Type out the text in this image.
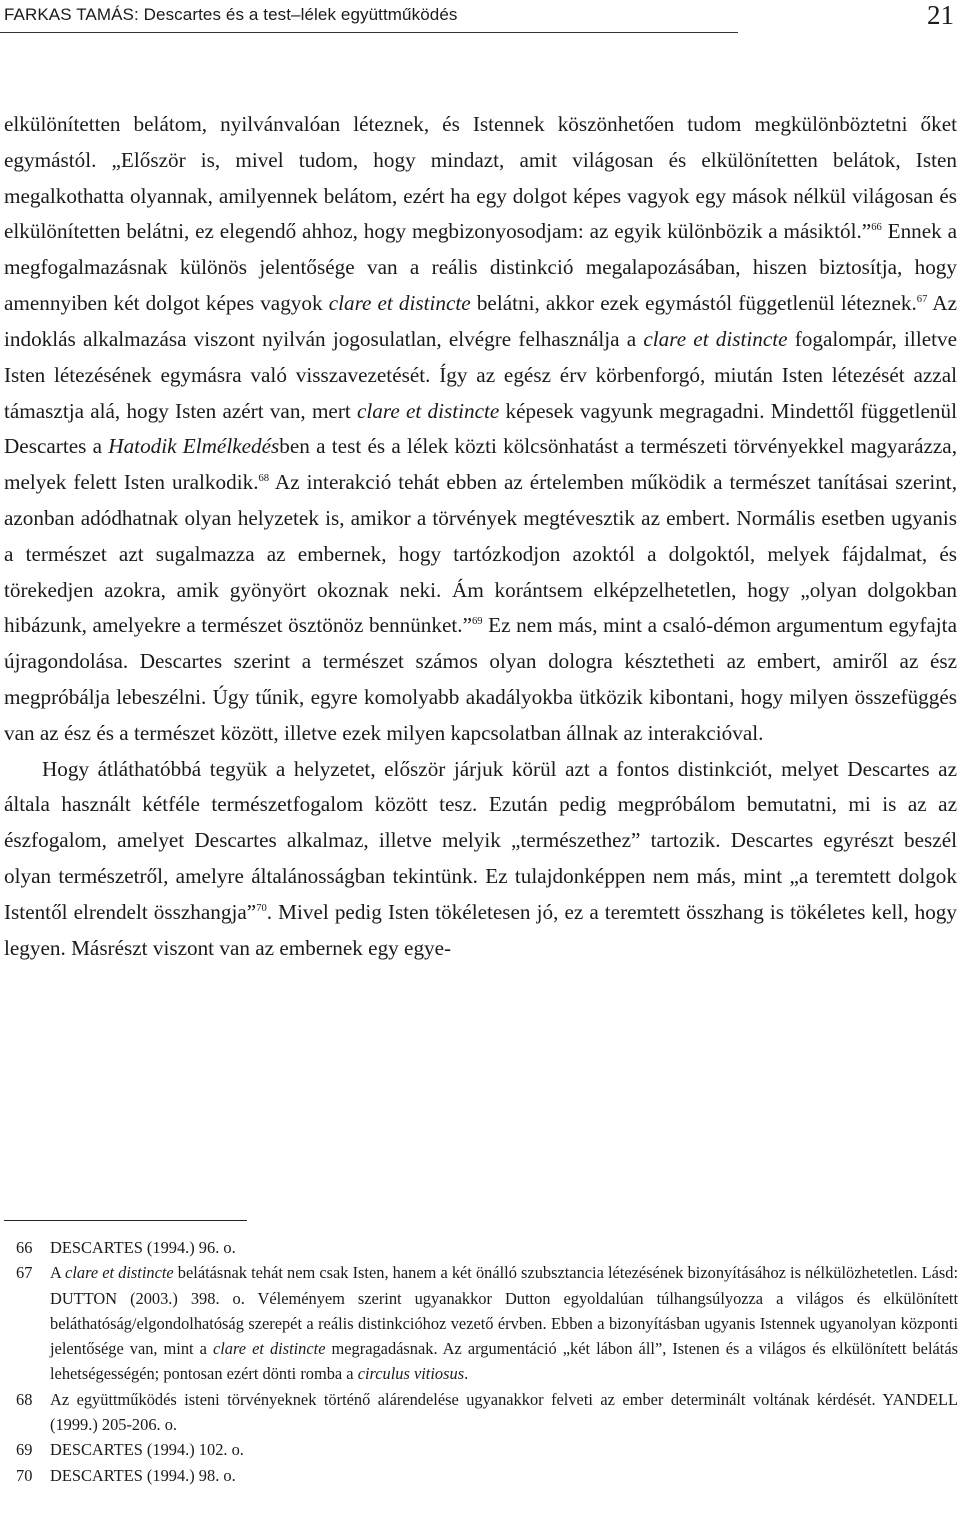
FARKAS TAMÁS: Descartes és a test–lélek együttműködés	21

elkülönítetten belátom, nyilvánvalóan léteznek, és Istennek köszönhetően tudom megkülönböztetni őket egymástól. „Először is, mivel tudom, hogy mindazt, amit világosan és elkülönítetten belátok, Isten megalkothatta olyannak, amilyennek belátom, ezért ha egy dolgot képes vagyok egy mások nélkül világosan és elkülönítetten belátni, ez elegendő ahhoz, hogy megbizonyosodjam: az egyik különbözik a másiktól.”$^{66}$ Ennek a megfogalmazásnak különös jelentősége van a reális distinkció megalapozásában, hiszen biztosítja, hogy amennyiben két dolgot képes vagyok clare et distincte belátni, akkor ezek egymástól függetlenül léteznek.$^{67}$ Az indoklás alkalmazása viszont nyilván jogosulatlan, elvégre felhasználja a clare et distincte fogalompár, illetve Isten létezésének egymásra való visszavezetését. Így az egész érv körbenforgó, miután Isten létezését azzal támasztja alá, hogy Isten azért van, mert clare et distincte képesek vagyunk megragadni. Mindettől függetlenül Descartes a Hatodik Elmélkedésben a test és a lélek közti kölcsönhatást a természeti törvényekkel magyarázza, melyek felett Isten uralkodik.$^{68}$ Az interakció tehát ebben az értelemben működik a természet tanításai szerint, azonban adódhatnak olyan helyzetek is, amikor a törvények megtévesztik az embert. Normális esetben ugyanis a természet azt sugalmazza az embernek, hogy tartózkodjon azoktól a dolgoktól, melyek fájdalmat, és törekedjen azokra, amik gyönyört okoznak neki. Ám korántsem elképzelhetetlen, hogy „olyan dolgokban hibázunk, amelyekre a természet ösztönöz bennünket.”$^{69}$ Ez nem más, mint a csaló-démon argumentum egyfajta újragondolása. Descartes szerint a természet számos olyan dologra késztetheti az embert, amiről az ész megpróbálja lebeszélni. Úgy tűnik, egyre komolyabb akadályokba ütközik kibontani, hogy milyen összefüggés van az ész és a természet között, illetve ezek milyen kapcsolatban állnak az interakcióval.

Hogy átláthatóbbá tegyük a helyzetet, először járjuk körül azt a fontos distinkciót, melyet Descartes az általa használt kétféle természetfogalom között tesz. Ezután pedig megpróbálom bemutatni, mi is az az észfogalom, amelyet Descartes alkalmaz, illetve melyik „természethez” tartozik. Descartes egyrészt beszél olyan természetről, amelyre általánosságban tekintünk. Ez tulajdonképpen nem más, mint „a teremtett dolgok Istentől elrendelt összhangja”$^{70}$. Mivel pedig Isten tökéletesen jó, ez a teremtett összhang is tökéletes kell, hogy legyen. Másrészt viszont van az embernek egy egye-

66 DESCARTES (1994.) 96. o.
67 A clare et distincte belátásnak tehát nem csak Isten, hanem a két önálló szubsztancia létezésének bizonyításához is nélkülözhetetlen. Lásd: DUTTON (2003.) 398. o. Véleményem szerint ugyanakkor Dutton egyoldalúan túlhangsúlyozza a világos és elkülönített beláthatóság/elgondolhatóság szerepét a reális distinkcióhoz vezető érvben. Ebben a bizonyításban ugyanis Istennek ugyanolyan központi jelentősége van, mint a clare et distincte megragadásnak. Az argumentáció „két lábon áll”, Istenen és a világos és elkülönített belátás lehetségességén; pontosan ezért dönti romba a circulus vitiosus.
68 Az együttműködés isteni törvényeknek történő alárendelése ugyanakkor felveti az ember determinált voltának kérdését. YANDELL (1999.) 205-206. o.
69 DESCARTES (1994.) 102. o.
70 DESCARTES (1994.) 98. o.
